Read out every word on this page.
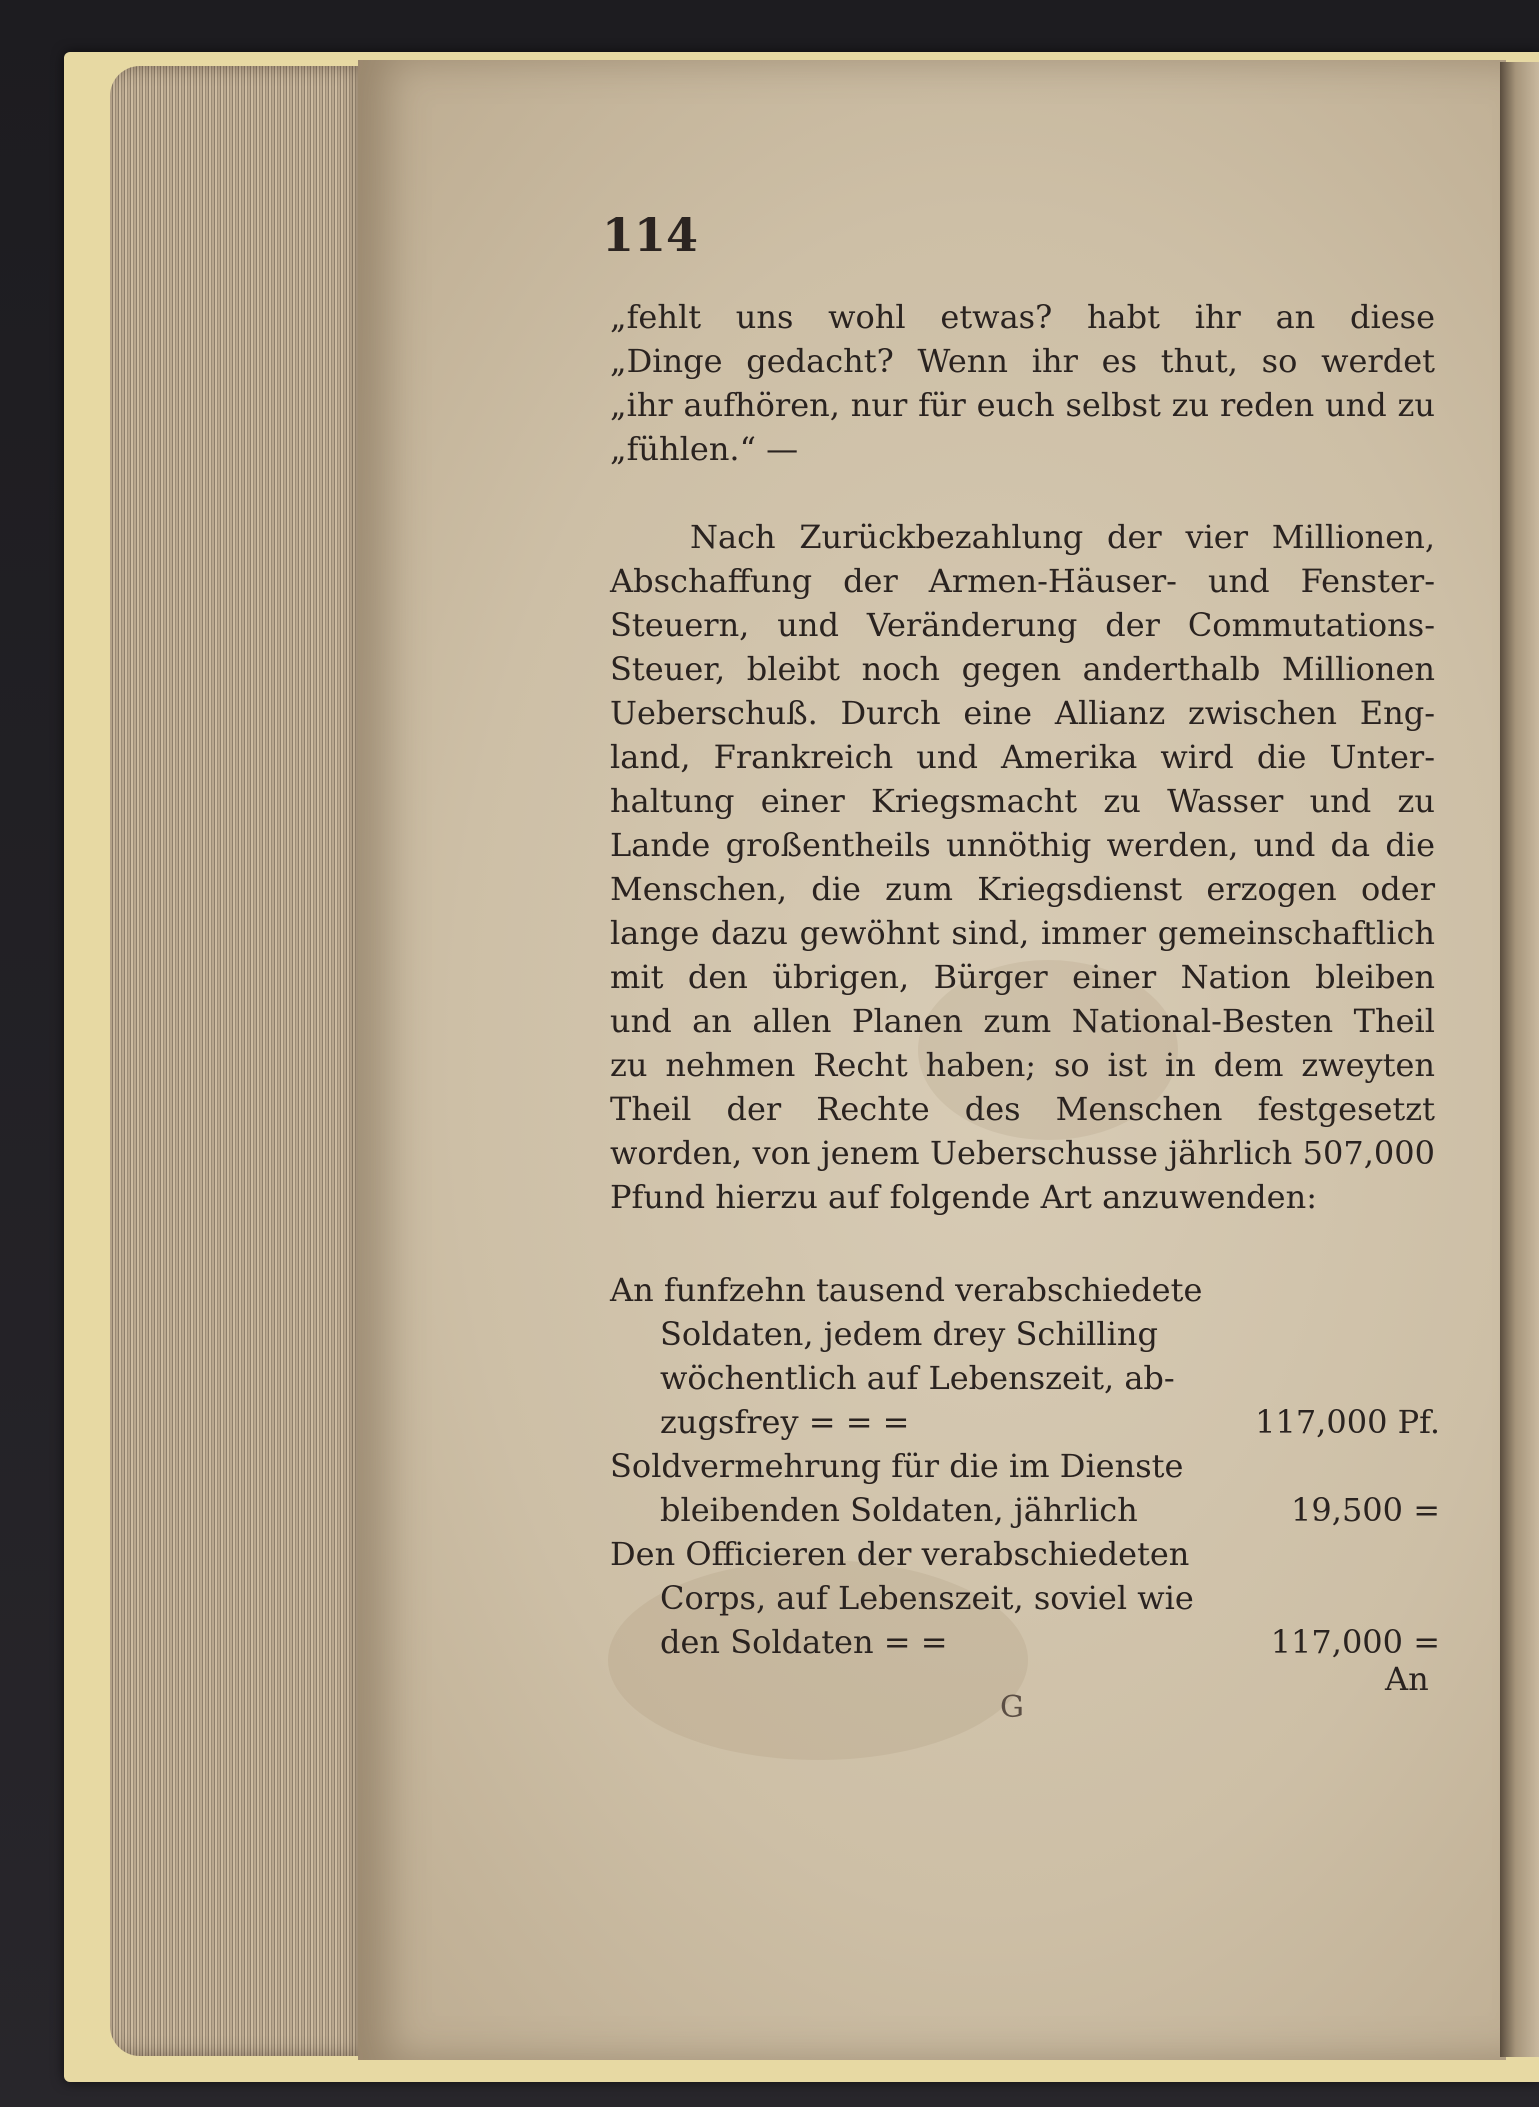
114
„fehlt uns wohl etwas? habt ihr an diese
„Dinge gedacht? Wenn ihr es thut, so werdet
„ihr aufhören, nur für euch selbst zu reden und zu
„fühlen.“ —
Nach Zurückbezahlung der vier Millionen,
Abschaffung der Armen-Häuser- und Fenster-
Steuern, und Veränderung der Commutations-
Steuer, bleibt noch gegen anderthalb Millionen
Ueberschuß. Durch eine Allianz zwischen Eng-
land, Frankreich und Amerika wird die Unter-
haltung einer Kriegsmacht zu Wasser und zu
Lande großentheils unnöthig werden, und da die
Menschen, die zum Kriegsdienst erzogen oder
lange dazu gewöhnt sind, immer gemeinschaftlich
mit den übrigen, Bürger einer Nation bleiben
und an allen Planen zum National-Besten Theil
zu nehmen Recht haben; so ist in dem zweyten
Theil der Rechte des Menschen festgesetzt
worden, von jenem Ueberschusse jährlich 507,000
Pfund hierzu auf folgende Art anzuwenden:
An funfzehn tausend verabschiedete
Soldaten, jedem drey Schilling
wöchentlich auf Lebenszeit, ab-
zugsfrey = = =	117,000 Pf.
Soldvermehrung für die im Dienste
bleibenden Soldaten, jährlich	19,500 =
Den Officieren der verabschiedeten
Corps, auf Lebenszeit, soviel wie
den Soldaten = =	117,000 =
An
G
